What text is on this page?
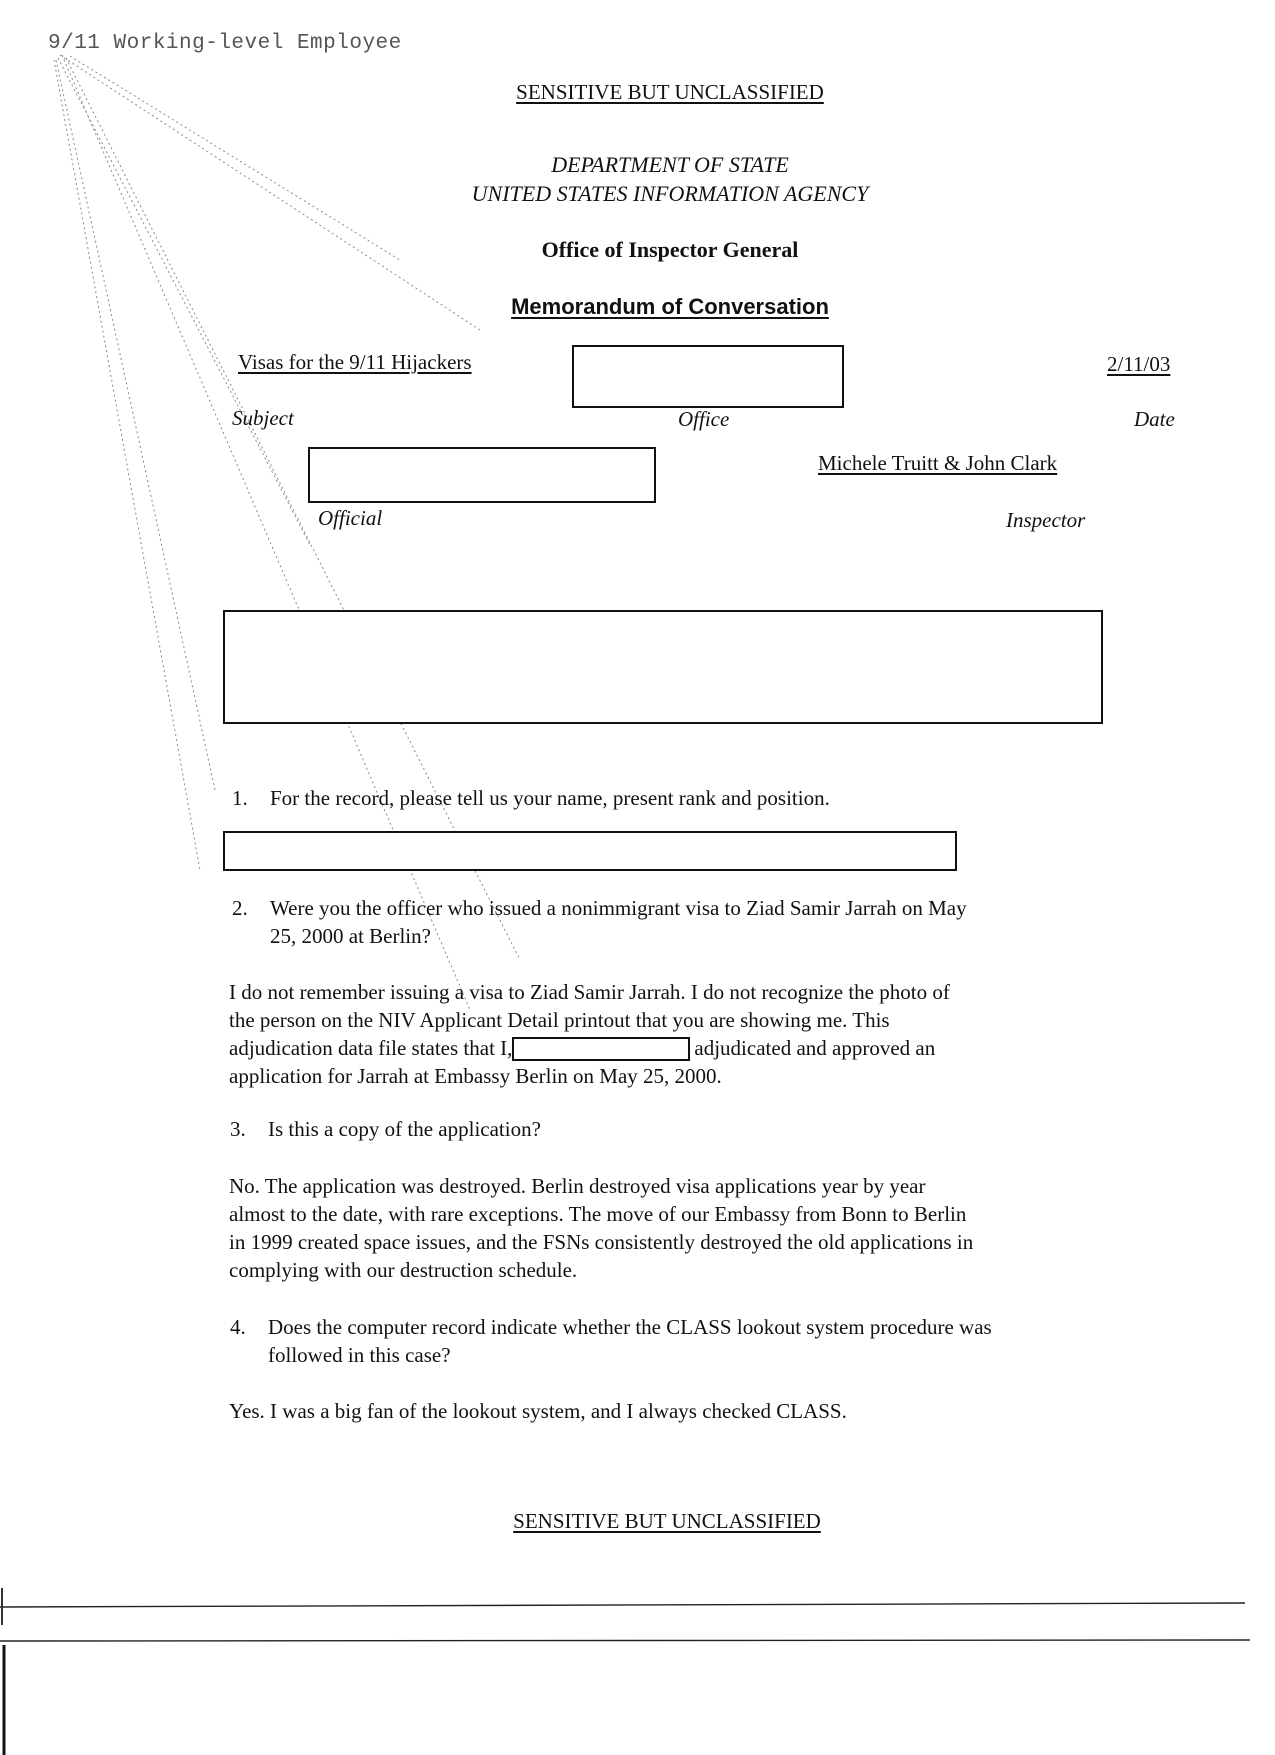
9/11 Working-level Employee
SENSITIVE BUT UNCLASSIFIED
DEPARTMENT OF STATE
UNITED STATES INFORMATION AGENCY
Office of Inspector General
Memorandum of Conversation
Visas for the 9/11 Hijackers	2/11/03
Subject	Office	Date
Michele Truitt & John Clark
Official	Inspector
1. For the record, please tell us your name, present rank and position.
2. Were you the officer who issued a nonimmigrant visa to Ziad Samir Jarrah on May
25, 2000 at Berlin?
I do not remember issuing a visa to Ziad Samir Jarrah. I do not recognize the photo of
the person on the NIV Applicant Detail printout that you are showing me. This
adjudication data file states that I,	adjudicated and approved an
application for Jarrah at Embassy Berlin on May 25, 2000.
3. Is this a copy of the application?
No. The application was destroyed. Berlin destroyed visa applications year by year
almost to the date, with rare exceptions. The move of our Embassy from Bonn to Berlin
in 1999 created space issues, and the FSNs consistently destroyed the old applications in
complying with our destruction schedule.
4. Does the computer record indicate whether the CLASS lookout system procedure was
followed in this case?
Yes. I was a big fan of the lookout system, and I always checked CLASS.
SENSITIVE BUT UNCLASSIFIED
